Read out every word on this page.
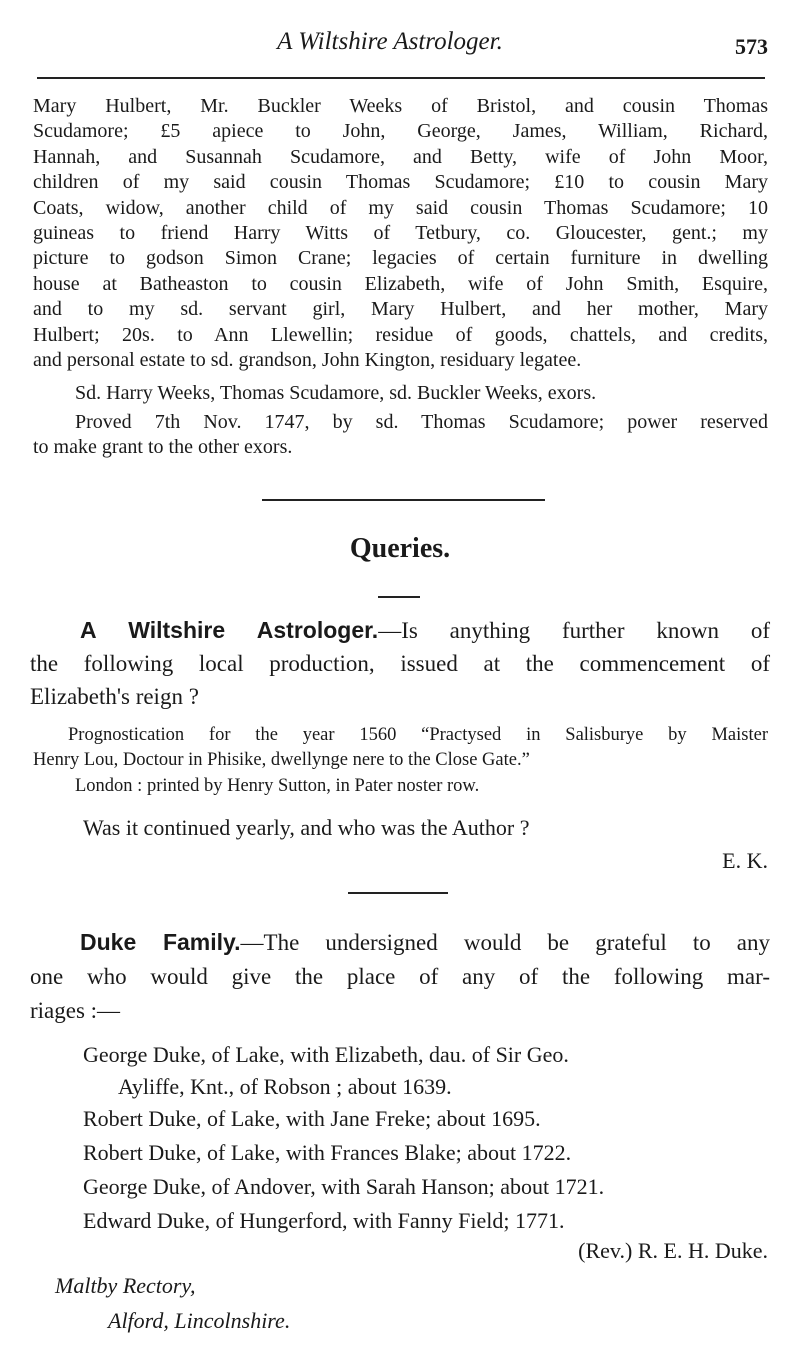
A Wiltshire Astrologer.	573
Mary Hulbert, Mr. Buckler Weeks of Bristol, and cousin Thomas
Scudamore; £5 apiece to John, George, James, William, Richard,
Hannah, and Susannah Scudamore, and Betty, wife of John Moor,
children of my said cousin Thomas Scudamore; £10 to cousin Mary
Coats, widow, another child of my said cousin Thomas Scudamore; 10
guineas to friend Harry Witts of Tetbury, co. Gloucester, gent.; my
picture to godson Simon Crane; legacies of certain furniture in dwelling
house at Batheaston to cousin Elizabeth, wife of John Smith, Esquire,
and to my sd. servant girl, Mary Hulbert, and her mother, Mary
Hulbert; 20s. to Ann Llewellin; residue of goods, chattels, and credits,
and personal estate to sd. grandson, John Kington, residuary legatee.
Sd. Harry Weeks, Thomas Scudamore, sd. Buckler Weeks, exors.
Proved 7th Nov. 1747, by sd. Thomas Scudamore; power reserved
to make grant to the other exors.
Queries.
A Wiltshire Astrologer.—Is anything further known of
the following local production, issued at the commencement of
Elizabeth's reign ?
Prognostication for the year 1560 “Practysed in Salisburye by Maister
Henry Lou, Doctour in Phisike, dwellynge nere to the Close Gate.”
London : printed by Henry Sutton, in Pater noster row.
Was it continued yearly, and who was the Author ?
E. K.
Duke Family.—The undersigned would be grateful to any
one who would give the place of any of the following mar-
riages :—
George Duke, of Lake, with Elizabeth, dau. of Sir Geo.
Ayliffe, Knt., of Robson ; about 1639.
Robert Duke, of Lake, with Jane Freke; about 1695.
Robert Duke, of Lake, with Frances Blake; about 1722.
George Duke, of Andover, with Sarah Hanson; about 1721.
Edward Duke, of Hungerford, with Fanny Field; 1771.
(Rev.) R. E. H. Duke.
Maltby Rectory,
Alford, Lincolnshire.
